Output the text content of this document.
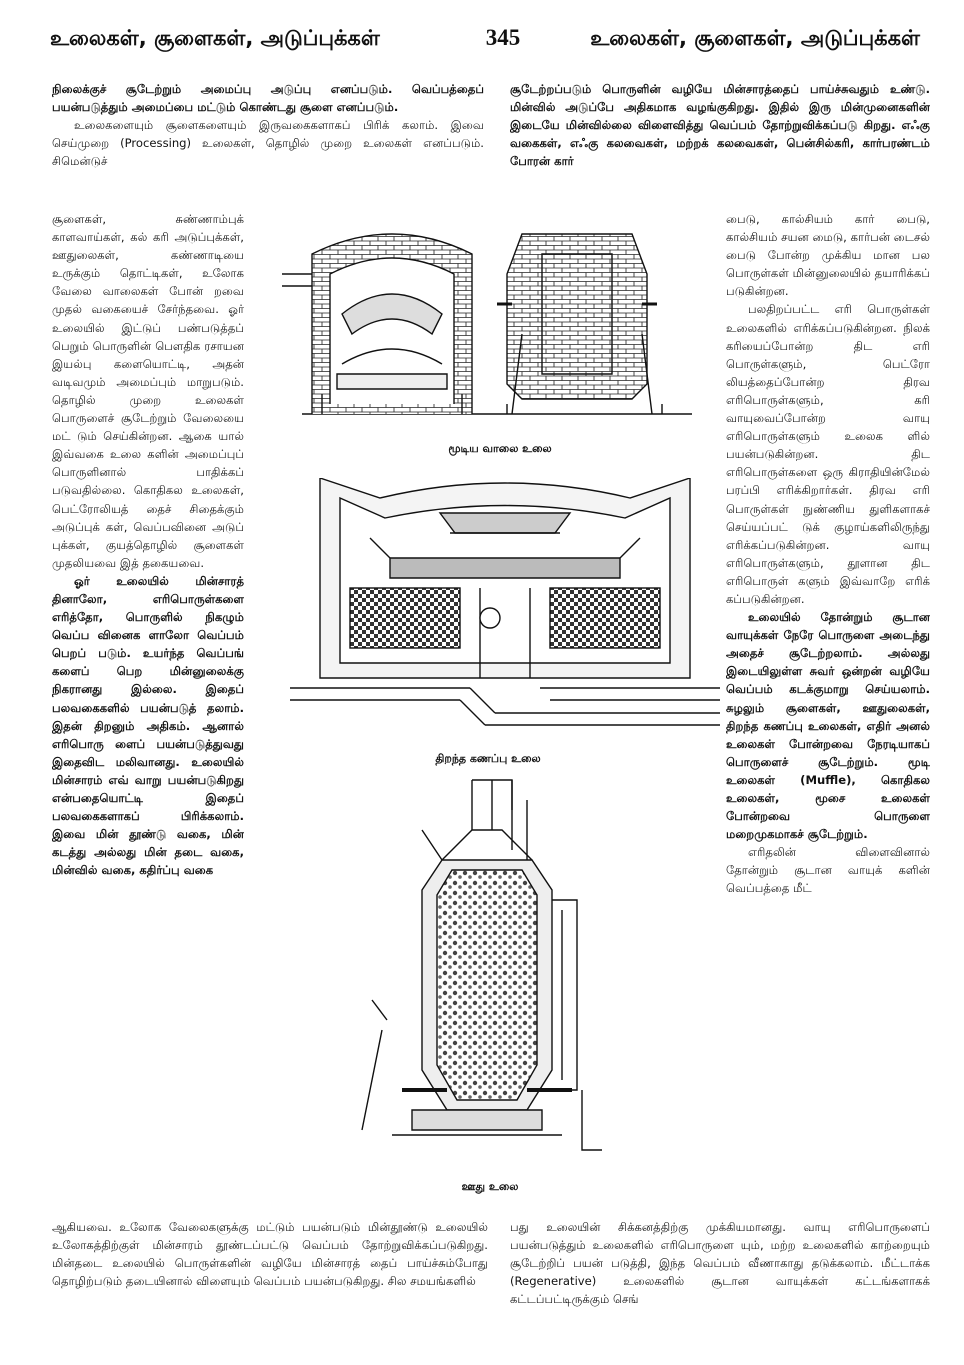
உலைகள், சூளைகள், அடுப்புக்கள்	345	உலைகள், சூளைகள், அடுப்புக்கள்

நிலைக்குச் சூடேற்றும் அமைப்பு அடுப்பு எனப்படும். வெப்பத்தைப் பயன்படுத்தும் அமைப்பை மட்டும் கொண்டது சூளை எனப்படும்.

உலைகளையும் சூளைகளையும் இருவகைகளாகப் பிரிக் கலாம். இவை செய்முறை (Processing) உலைகள், தொழில் முறை உலைகள் எனப்படும். சிமென்டுச்

சூடேற்றப்படும் பொருளின் வழியே மின்சாரத்தைப் பாய்ச்சுவதும் உண்டு. மின்வில் அடுப்பே அதிகமாக வழங்குகிறது. இதில் இரு மின்முனைகளின் இடையே மின்வில்லை விளைவித்து வெப்பம் தோற்றுவிக்கப்படு கிறது. எஃகு வகைகள், எஃகு கலவைகள், மற்றக் கலவைகள், பென்சில்கரி, கார்பரண்டம் போரன் கார்

சூளைகள், சுண்ணாம்புக் காளவாய்கள், கல் கரி அடுப்புக்கள், ஊதுலைகள், கண்ணாடியை உருக்கும் தொட்டிகள், உலோக வேலை வாலைகள் போன் றவை முதல் வகையைச் சேர்ந்தவை. ஓர் உலையில் இட்டுப் பண்படுத்தப் பெறும் பொருளின் பௌதிக ரசாயன இயல்பு களையொட்டி, அதன் வடிவமும் அமைப்பும் மாறுபடும். தொழில் முறை உலைகள் பொருளைச் சூடேற்றும் வேலையை மட் டும் செய்கின்றன. ஆகை யால் இவ்வகை உலை களின் அமைப்புப் பொருளினால் பாதிக்கப் படுவதில்லை. கொதிகல உலைகள், பெட்ரோலியத் தைச் சிதைக்கும் அடுப்புக் கள், வெப்பவினை அடுப் புக்கள், குயத்தொழில் சூளைகள் முதலியவை இத் தகையவை.

ஓர் உலையில் மின்சாரத் தினாலோ, எரிபொருள்களை எரித்தோ, பொருளில் நிகழும் வெப்ப வினைக ளாலோ வெப்பம் பெறப் படும். உயர்ந்த வெப்பங் களைப் பெற மின்னுலைக்கு நிகரானது இல்லை. இதைப் பலவகைகளில் பயன்படுத் தலாம். இதன் திறனும் அதிகம். ஆனால் எரிபொரு ளைப் பயன்படுத்துவது இதைவிட மலிவானது. உலையில் மின்சாரம் எவ் வாறு பயன்படுகிறது என்பதையொட்டி இதைப் பலவகைகளாகப் பிரிக்கலாம். இவை மின் தூண்டு வகை, மின் கடத்து அல்லது மின் தடை வகை, மின்வில் வகை, கதிர்ப்பு வகை

பைடு, கால்சியம் கார் பைடு, கால்சியம் சயன மைடு, கார்பன் டைசல் பைடு போன்ற முக்கிய மான பல பொருள்கள் மின்னுலையில் தயாரிக்கப் படுகின்றன.

பலதிறப்பட்ட எரி பொருள்கள் உலைகளில் எரிக்கப்படுகின்றன. நிலக் கரியைப்போன்ற திட எரி பொருள்களும், பெட்ரோ லியத்தைப்போன்ற திரவ எரிபொருள்களும், கரி வாயுவைப்போன்ற வாயு எரிபொருள்களும் உலைக ளில் பயன்படுகின்றன. திட எரிபொருள்களை ஒரு கிராதியின்மேல் பரப்பி எரிக்கிறார்கள். திரவ எரி பொருள்கள் நுண்ணிய துளிகளாகச் செய்யப்பட் டுக் குழாய்களிலிருந்து எரிக்கப்படுகின்றன. வாயு எரிபொருள்களும், தூளான திட எரிபொருள் களும் இவ்வாறே எரிக் கப்படுகின்றன.

உலையில் தோன்றும் சூடான வாயுக்கள் நேரே பொருளை அடைந்து அதைச் சூடேற்றலாம். அல்லது இடையிலுள்ள சுவர் ஒன்றன் வழியே வெப்பம் கடக்குமாறு செய்யலாம். சுழலும் சூளைகள், ஊதுலைகள், திறந்த கணப்பு உலைகள், எதிர் அனல் உலைகள் போன்றவை நேரடியாகப் பொருளைச் சூடேற்றும். மூடி உலைகள் (Muffle), கொதிகல உலைகள், மூசை உலைகள் போன்றவை பொருளை மறைமுகமாகச் சூடேற்றும்.

எரிதலின் விளைவினால் தோன்றும் சூடான வாயுக் களின் வெப்பத்தை மீட்

மூடிய வாலை உலை
திறந்த கணப்பு உலை
ஊது உலை

ஆகியவை. உலோக வேலைகளுக்கு மட்டும் பயன்படும் மின்தூண்டு உலையில் உலோகத்திற்குள் மின்சாரம் தூண்டப்பட்டு வெப்பம் தோற்றுவிக்கப்படுகிறது. மின்தடை உலையில் பொருள்களின் வழியே மின்சாரத் தைப் பாய்ச்சும்போது தொழிற்படும் தடையினால் விளையும் வெப்பம் பயன்படுகிறது. சில சமயங்களில்

பது உலையின் சிக்கனத்திற்கு முக்கியமானது. வாயு எரிபொருளைப் பயன்படுத்தும் உலைகளில் எரிபொருளை யும், மற்ற உலைகளில் காற்றையும் சூடேற்றிப் பயன் படுத்தி, இந்த வெப்பம் வீணாகாது தடுக்கலாம். மீட்டாக்க (Regenerative) உலைகளில் சூடான வாயுக்கள் கட்டங்களாகக் கட்டப்பட்டிருக்கும் செங்
